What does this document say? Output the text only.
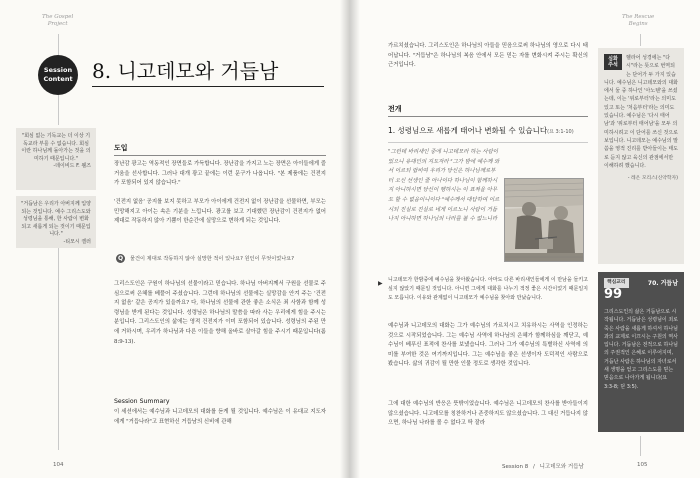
The Gospel
Project
Session
Content 8. 니고데모와 거듭남
"회심 없는 기독교는 더 이상 기독교라 부를 수 없습니다. 회심이란 하나님께 돌아가는 것을 의미하기 때문입니다."
-데이비드 F. 웰즈
"거듭남은 우리가 아버지께 입양되는 것입니다. 예수 그리스도와 성령님을 통해, 한 사람이 변화되고 새롭게 되는 것이기 때문입니다."
-티모시 켈러
도입
장난감 광고는 역동적인 장면들로 가득합니다. 장난감을 가지고 노는 장면은 아이들에게 즐거움을 선사합니다. 그러나 대개 광고 끝에는 이런 문구가 나옵니다. "본 제품에는 건전지가 포함되어 있지 않습니다."
'건전지 없음' 공지를 보지 못하고 부모가 아이에게 건전지 없이 장난감을 선물하면, 부모는 민망해지고 아이는 속은 기분을 느낍니다. 광고를 보고 기대했던 장난감이 건전지가 없어 제대로 작동하지 않아 기쁨이 한순간에 실망으로 변하게 되는 것입니다.
Q	물건이 제대로 작동하지 않아 실망한 적이 있나요? 원인이 무엇이었나요?
그리스도인은 구원이 하나님의 선물이라고 믿습니다. 하나님 아버지께서 구원을 선물로 주심으로써 은혜를 베풀어 주셨습니다. 그런데 하나님의 선물에는 실망감을 안겨 주는 '건전지 없음' 같은 공지가 있을까요? 다, 하나님의 선물에 관한 좋은 소식은 죄 사함과 함께 성령님을 받게 된다는 것입니다. 성령님은 하나님의 말씀을 따라 사는 우리에게 힘을 주시는 분입니다. 그리스도인의 삶에는 영적 건전지가 이미 포함되어 있습니다. 성령님의 주된 만에 거하시며, 우리가 하나님과 다른 이들을 향해 올바로 살아갈 힘을 주시기 때문입니다(롬 8:9-13).
Session Summary
이 세션에서는 예수님과 니고데모의 대화를 듣게 될 것입니다. 예수님은 이 유대교 지도자에게 "거듭나라"고 표현하신 거듭남의 신비에 관해
104
The Rescue
Begins
가르치셨습니다. 그리스도인은 하나님의 아들을 믿음으로써 하나님의 영으로 다시 태어납니다. "거듭남"은 하나님의 복음 안에서 모든 믿는 자를 변화시켜 주시는 확신의 근거입니다.
전개
1. 성령님으로 새롭게 태어나 변화될 수 있습니다(요 3:1-10)
"그런데 바리새인 중에 니고데모라 하는 사람이 있으니 유대인의 지도자라 ²그가 밤에 예수께 와서 이르되 랍비여 우리가 당신은 하나님께로부터 오신 선생인 줄 아나이다 하나님이 함께하시지 아니하시면 당신이 행하시는 이 표적을 아무도 할 수 없음이니이다 ³예수께서 대답하여 이르시되 진실로 진실로 네게 이르노니 사람이 거듭나지 아니하면 하나님의 나라를 볼 수 없느니라
▶ 니고데모가 한밤중에 예수님을 찾아왔습니다. 아마도 다른 바리새인들에게 이 만남을 들키고 싶지 않았기 때문일 것입니다. 아니면 그에게 대화를 나누기 적정 좋은 시간이었기 때문일지도 모릅니다. 이유와 관계없이 니고데모가 예수님을 찾아와 만났습니다.
예수님과 니고데모의 대화는 그가 예수님의 가르치시고 치유하시는 사역을 인정하는 것으로 시작되었습니다. 그는 예수님 사역에 하나님의 은혜가 함께하심을 깨닫고, 예수님이 베푸신 표적에 찬사를 보냈습니다. 그러나 그가 예수님의 특별하신 사역에 의미를 부여한 것은 여기까지입니다. 그는 예수님을 좋은 선생이자 도덕적인 사람으로 봤습니다. 삶의 귀감이 될 만한 인물 정도로 생각한 것입니다.
그에 대한 예수님의 반응은 뜻밖이었습니다. 예수님은 니고데모의 찬사를 받아들이지 않으셨습니다. 니고데모를 칭찬하거나 존중하지도 않으셨습니다. 그 대신 거듭나지 않으면, 하나님 나라를 볼 수 없다고 딱 잘라
심화 주석
헬라어 성경에는 "다시"라는 뜻으로 번역되는 단어가 두 가지 있습니다. 예수님은 니고데모와의 대화에서 둘 중 하나인 '아노텐'을 쓰셨는데, 이는 '위로부터'라는 의미도 있고 또는 '처음부터'라는 의미도 있습니다. 예수님은 '다시 태어남'과 '위로부터 태어남'을 모두 의미하시려고 이 단어를 쓰신 것으로 보입니다. 니고데모는 예수님의 말씀을 영적 진리를 받아들이는 태도로 듣지 않고 육신의 관점에서만 이해하려 했습니다.
- 레온 모리스(신약학자)
핵심교리
99
70. 거듭남
그리스도인의 삶은 거듭남으로 시작됩니다. 거듭남은 성령님이 죄로 죽은 사람을 새롭게 하셔서 하나님과의 교제로 이끄시는 구원의 역사입니다. 거듭남은 전적으로 하나님의 주권적인 은혜로 이루어지며, 거듭난 사람은 하나님의 자녀로서 새 생명을 얻고 그리스도를 믿는 믿음으로 나아가게 됩니다(요 3:3-8; 딛 3:5).
Session 8 / 니고데모와 거듭남	105
